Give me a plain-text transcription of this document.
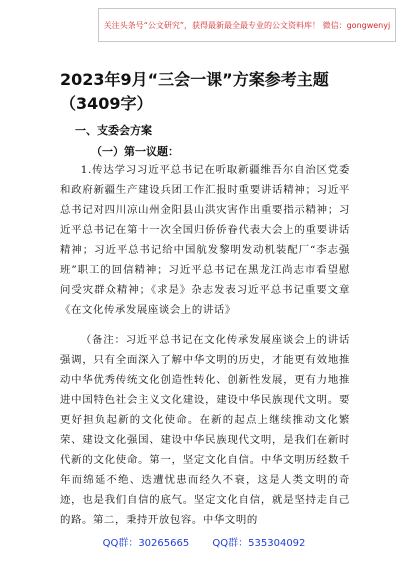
关注头条号“公文研究”，获得最新最全最专业的公文资料库！ 微信：gongwenyj
2023年9月“三会一课”方案参考主题（3409字）
一、支委会方案
（一）第一议题：

1.传达学习习近平总书记在听取新疆维吾尔自治区党委和政府新疆生产建设兵团工作汇报时重要讲话精神；习近平总书记对四川凉山州金阳县山洪灾害作出重要指示精神；习近平总书记在第十一次全国归侨侨眷代表大会上的重要讲话精神；习近平总书记给中国航发黎明发动机装配厂“李志强班”职工的回信精神；习近平总书记在黑龙江尚志市看望慰问受灾群众精神；《求是》杂志发表习近平总书记重要文章《在文化传承发展座谈会上的讲话》

（备注：习近平总书记在文化传承发展座谈会上的讲话强调，只有全面深入了解中华文明的历史，才能更有效地推动中华优秀传统文化创造性转化、创新性发展，更有力地推进中国特色社会主义文化建设，建设中华民族现代文明。要更好担负起新的文化使命。在新的起点上继续推动文化繁荣、建设文化强国、建设中华民族现代文明，是我们在新时代新的文化使命。第一，坚定文化自信。中华文明历经数千年而绵延不绝、迭遭忧患而经久不衰，这是人类文明的奇迹，也是我们自信的底气。坚定文化自信，就是坚持走自己的路。第二，秉持开放包容。中华文明的

QQ群：30265665 QQ群：535304092
